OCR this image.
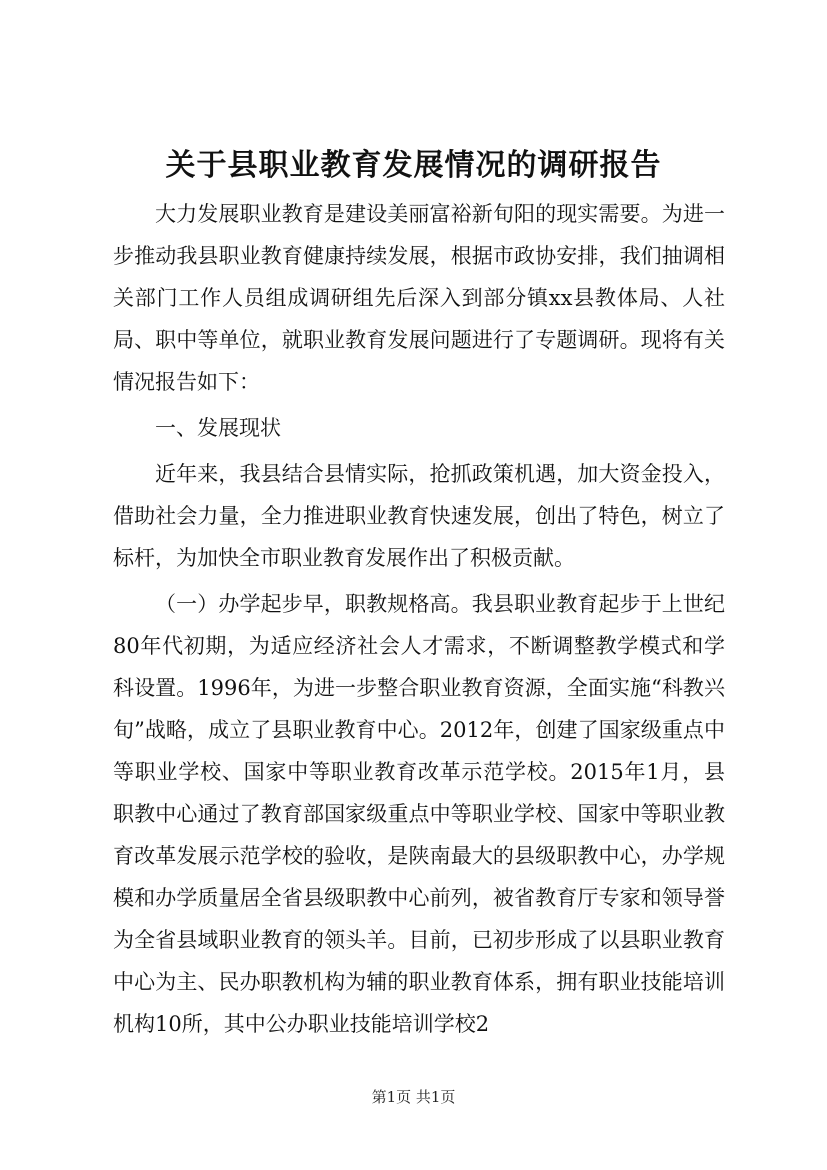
关于县职业教育发展情况的调研报告

大力发展职业教育是建设美丽富裕新旬阳的现实需要。为进一步推动我县职业教育健康持续发展，根据市政协安排，我们抽调相关部门工作人员组成调研组先后深入到部分镇xx县教体局、人社局、职中等单位，就职业教育发展问题进行了专题调研。现将有关情况报告如下：

一、发展现状

近年来，我县结合县情实际，抢抓政策机遇，加大资金投入，借助社会力量，全力推进职业教育快速发展，创出了特色，树立了标杆，为加快全市职业教育发展作出了积极贡献。

（一）办学起步早，职教规格高。我县职业教育起步于上世纪80年代初期，为适应经济社会人才需求，不断调整教学模式和学科设置。1996年，为进一步整合职业教育资源，全面实施“科教兴旬”战略，成立了县职业教育中心。2012年，创建了国家级重点中等职业学校、国家中等职业教育改革示范学校。2015年1月，县职教中心通过了教育部国家级重点中等职业学校、国家中等职业教育改革发展示范学校的验收，是陕南最大的县级职教中心，办学规模和办学质量居全省县级职教中心前列，被省教育厅专家和领导誉为全省县域职业教育的领头羊。目前，已初步形成了以县职业教育中心为主、民办职教机构为辅的职业教育体系，拥有职业技能培训机构10所，其中公办职业技能培训学校2

第1页 共1页
